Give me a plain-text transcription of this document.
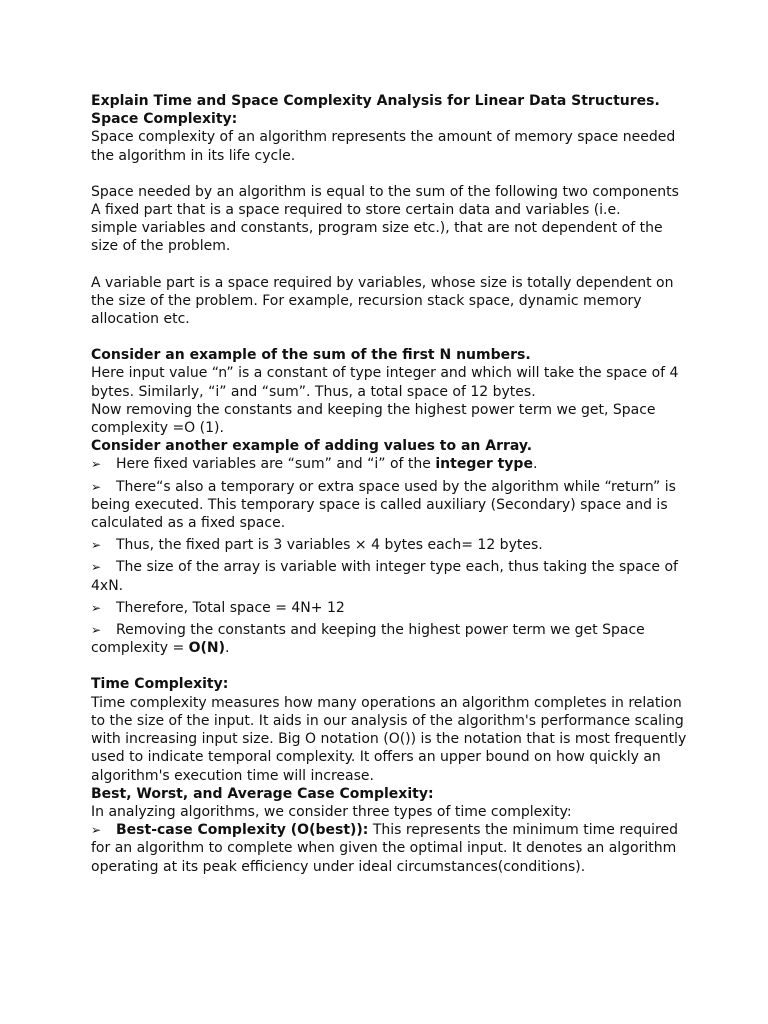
Explain Time and Space Complexity Analysis for Linear Data Structures.

Space Complexity:

Space complexity of an algorithm represents the amount of memory space needed the algorithm in its life cycle.

Space needed by an algorithm is equal to the sum of the following two components A fixed part that is a space required to store certain data and variables (i.e.

simple variables and constants, program size etc.), that are not dependent of the size of the problem.

A variable part is a space required by variables, whose size is totally dependent on the size of the problem. For example, recursion stack space, dynamic memory allocation etc.

Consider an example of the sum of the first N numbers.

Here input value “n” is a constant of type integer and which will take the space of 4 bytes. Similarly, “i” and “sum”. Thus, a total space of 12 bytes.

Now removing the constants and keeping the highest power term we get, Space complexity =O (1).

Consider another example of adding values to an Array.

➢ Here fixed variables are “sum” and “i” of the integer type.

➢ There“s also a temporary or extra space used by the algorithm while “return” is being executed. This temporary space is called auxiliary (Secondary) space and is calculated as a fixed space.

➢ Thus, the fixed part is 3 variables × 4 bytes each= 12 bytes.

➢ The size of the array is variable with integer type each, thus taking the space of 4xN.

➢ Therefore, Total space = 4N+ 12

➢ Removing the constants and keeping the highest power term we get Space complexity = O(N).

Time Complexity:

Time complexity measures how many operations an algorithm completes in relation to the size of the input. It aids in our analysis of the algorithm's performance scaling with increasing input size. Big O notation (O()) is the notation that is most frequently used to indicate temporal complexity. It offers an upper bound on how quickly an algorithm's execution time will increase.

Best, Worst, and Average Case Complexity:

In analyzing algorithms, we consider three types of time complexity:

➢ Best-case Complexity (O(best)): This represents the minimum time required for an algorithm to complete when given the optimal input. It denotes an algorithm operating at its peak efficiency under ideal circumstances(conditions).
